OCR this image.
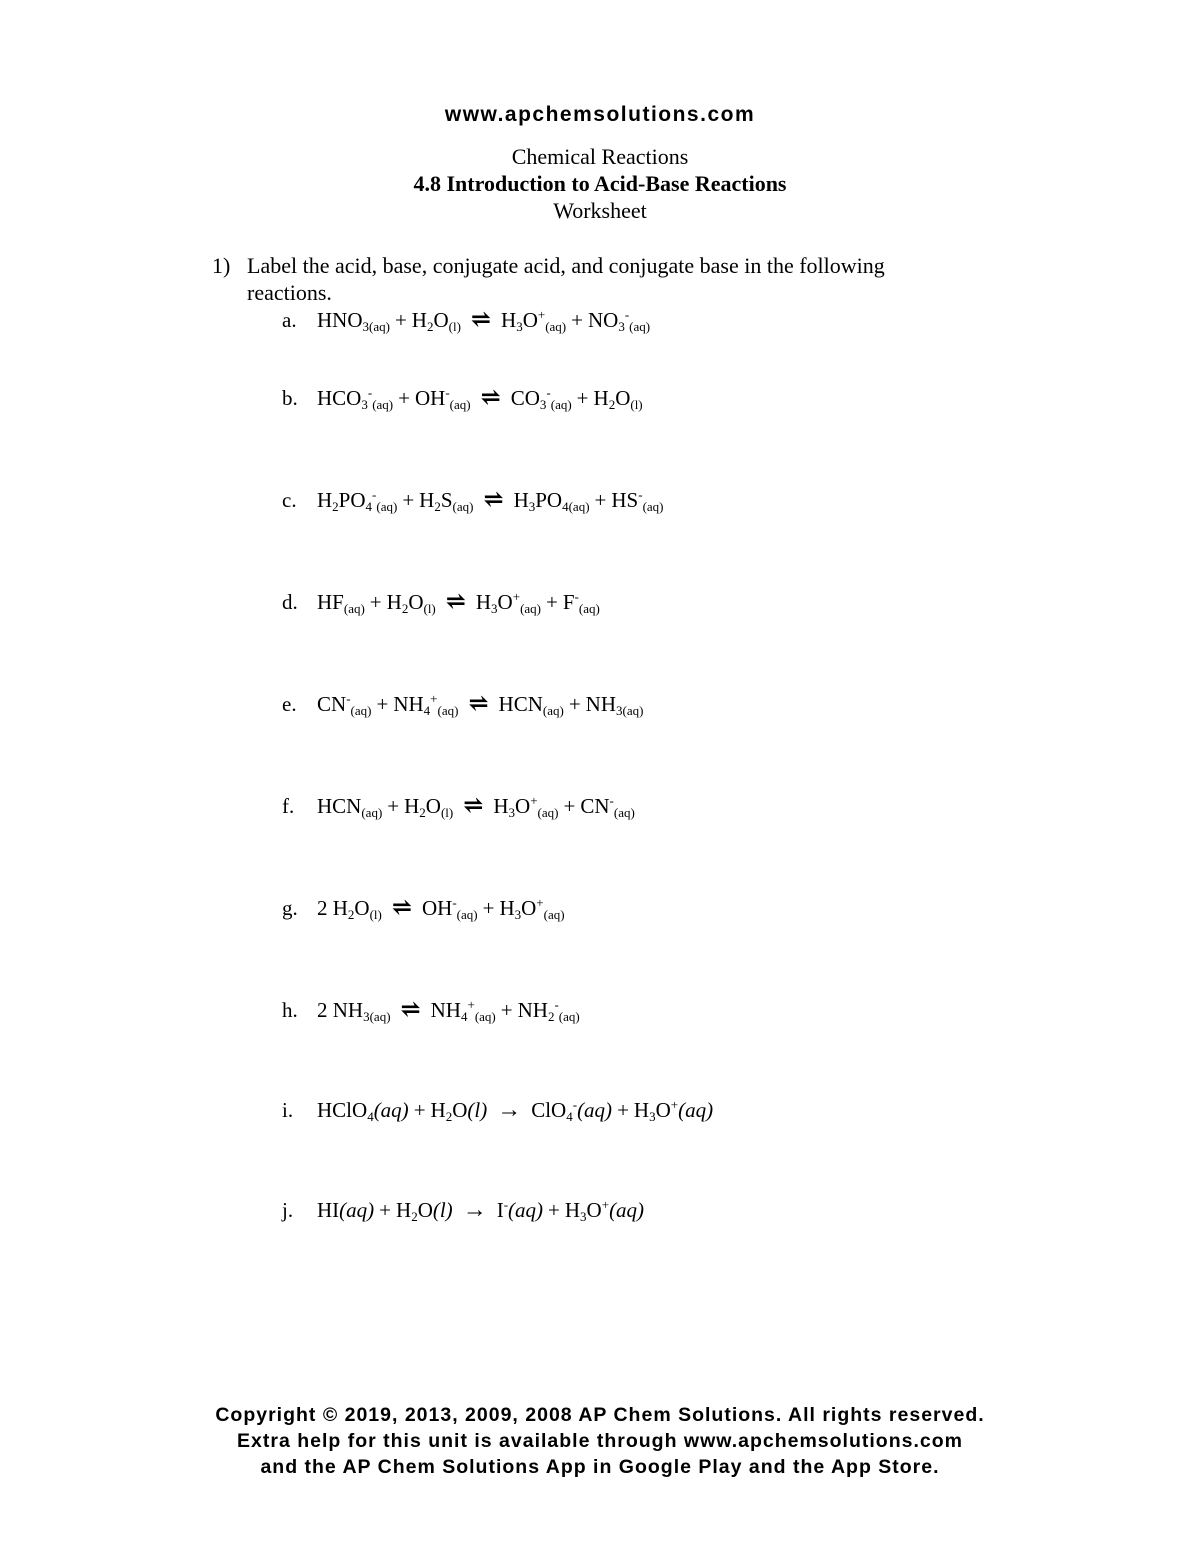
www.apchemsolutions.com
Chemical Reactions
4.8 Introduction to Acid-Base Reactions
Worksheet
1) Label the acid, base, conjugate acid, and conjugate base in the following reactions.
a. $HNO_{3(aq)} + H_2O_{(l)}$ ⇌ $H_3O^+_{(aq)} + NO_3^-_{(aq)}$
b. $HCO_3^-_{(aq)} + OH^-_{(aq)}$ ⇌ $CO_3^-_{(aq)} + H_2O_{(l)}$
c. $H_2PO_4^-_{(aq)} + H_2S_{(aq)}$ ⇌ $H_3PO_{4(aq)} + HS^-_{(aq)}$
d. $HF_{(aq)} + H_2O_{(l)}$ ⇌ $H_3O^+_{(aq)} + F^-_{(aq)}$
e. $CN^-_{(aq)} + NH_4^+_{(aq)}$ ⇌ $HCN_{(aq)} + NH_{3(aq)}$
f.	$HCN_{(aq)} + H_2O_{(l)}$ ⇌ $H_3O^+_{(aq)} + CN^-_{(aq)}$
g. 2 $H_2O_{(l)}$ ⇌ $OH^-_{(aq)} + H_3O^+_{(aq)}$
h. 2 $NH_{3(aq)}$ ⇌ $NH_4^+_{(aq)} + NH_2^-_{(aq)}$
i.	HClO$_4$(aq) + $H_2O(l) \to ClO_4^-(aq) + H_3O^+(aq)$
j.	$HI(aq) + H_2O(l) \to I^-(aq) + H_3O^+(aq)$
Copyright © 2019, 2013, 2009, 2008 AP Chem Solutions. All rights reserved.
Extra help for this unit is available through www.apchemsolutions.com
and the AP Chem Solutions App in Google Play and the App Store.
